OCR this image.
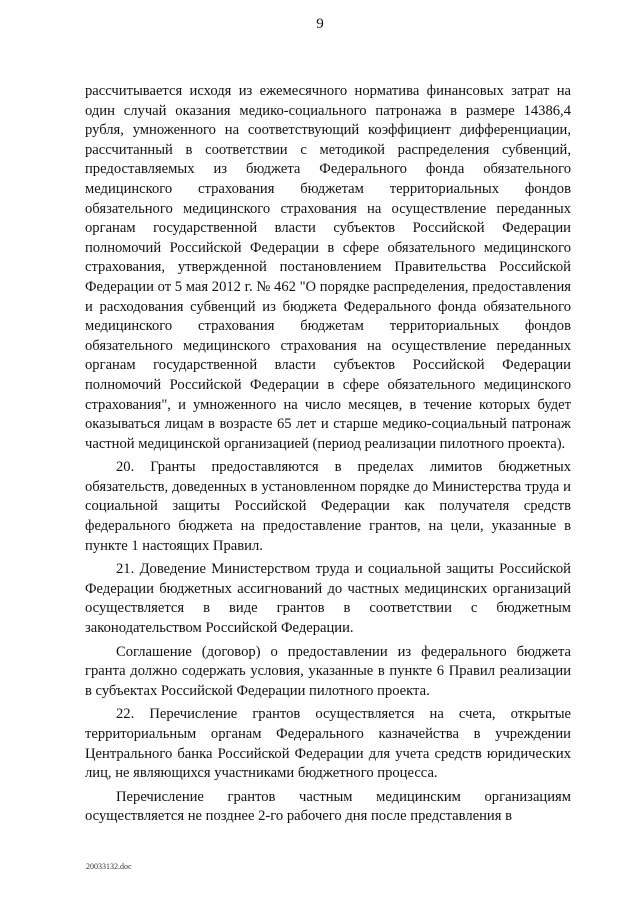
9

рассчитывается исходя из ежемесячного норматива финансовых затрат на один случай оказания медико-социального патронажа в размере 14386,4 рубля, умноженного на соответствующий коэффициент дифференциации, рассчитанный в соответствии с методикой распределения субвенций, предоставляемых из бюджета Федерального фонда обязательного медицинского страхования бюджетам территориальных фондов обязательного медицинского страхования на осуществление переданных органам государственной власти субъектов Российской Федерации полномочий Российской Федерации в сфере обязательного медицинского страхования, утвержденной постановлением Правительства Российской Федерации от 5 мая 2012 г. № 462 "О порядке распределения, предоставления и расходования субвенций из бюджета Федерального фонда обязательного медицинского страхования бюджетам территориальных фондов обязательного медицинского страхования на осуществление переданных органам государственной власти субъектов Российской Федерации полномочий Российской Федерации в сфере обязательного медицинского страхования", и умноженного на число месяцев, в течение которых будет оказываться лицам в возрасте 65 лет и старше медико-социальный патронаж частной медицинской организацией (период реализации пилотного проекта).

20. Гранты предоставляются в пределах лимитов бюджетных обязательств, доведенных в установленном порядке до Министерства труда и социальной защиты Российской Федерации как получателя средств федерального бюджета на предоставление грантов, на цели, указанные в пункте 1 настоящих Правил.

21. Доведение Министерством труда и социальной защиты Российской Федерации бюджетных ассигнований до частных медицинских организаций осуществляется в виде грантов в соответствии с бюджетным законодательством Российской Федерации.

Соглашение (договор) о предоставлении из федерального бюджета гранта должно содержать условия, указанные в пункте 6 Правил реализации в субъектах Российской Федерации пилотного проекта.

22. Перечисление грантов осуществляется на счета, открытые территориальным органам Федерального казначейства в учреждении Центрального банка Российской Федерации для учета средств юридических лиц, не являющихся участниками бюджетного процесса.

Перечисление грантов частным медицинским организациям осуществляется не позднее 2-го рабочего дня после представления в

20033132.doc
